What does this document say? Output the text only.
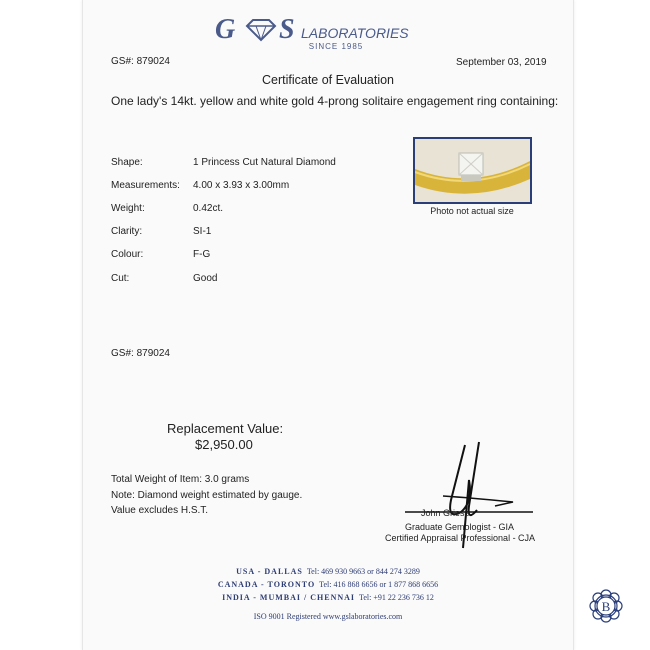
G S LABORATORIES
SINCE 1985
GS#: 879024	September 03, 2019
Certificate of Evaluation
One lady's 14kt. yellow and white gold 4-prong solitaire engagement ring containing:
Shape:	1 Princess Cut Natural Diamond
Measurements: 4.00 x 3.93 x 3.00mm
Weight:	0.42ct.
Clarity:	SI-1
Colour:	F-G
Cut:	Good
Photo not actual size
GS#: 879024
Replacement Value:
$2,950.00
Total Weight of Item: 3.0 grams
Note: Diamond weight estimated by gauge.
Value excludes H.S.T.	John Griese
Graduate Gemologist - GIA
Certified Appraisal Professional - CJA
USA - DALLAS Tel: 469 930 9663 or 844 274 3289
CANADA - TORONTO Tel: 416 868 6656 or 1 877 868 6656
INDIA - MUMBAI / CHENNAI Tel: +91 22 236 736 12
ISO 9001 Registered www.gslaboratories.com
B
